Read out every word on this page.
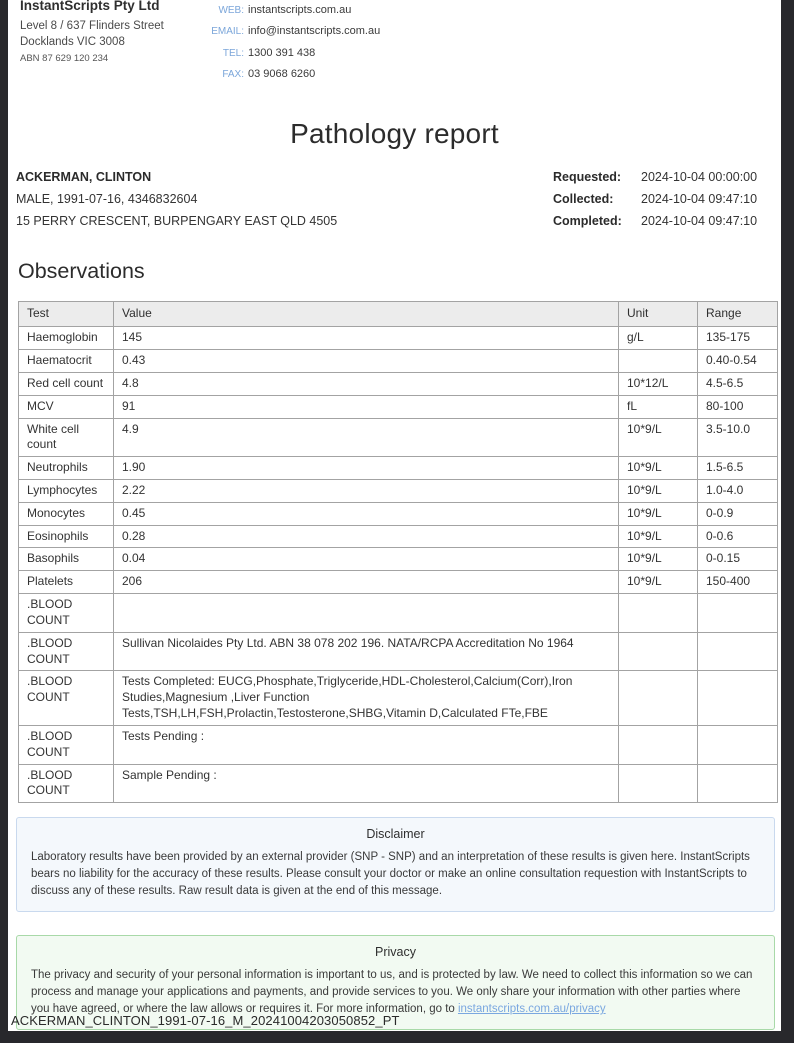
InstantScripts Pty Ltd
Level 8 / 637 Flinders Street
Docklands VIC 3008
ABN 87 629 120 234
WEB: instantscripts.com.au
EMAIL: info@instantscripts.com.au
TEL: 1300 391 438
FAX: 03 9068 6260
Pathology report
ACKERMAN, CLINTON
MALE, 1991-07-16, 4346832604
15 PERRY CRESCENT, BURPENGARY EAST QLD 4505
Requested:	2024-10-04 00:00:00
Collected:	2024-10-04 09:47:10
Completed:	2024-10-04 09:47:10
Observations
Test	Value	Unit	Range
Haemoglobin	145	g/L	135-175
Haematocrit	0.43		0.40-0.54
Red cell count	4.8	10*12/L	4.5-6.5
MCV	91	fL	80-100
White cell count	4.9	10*9/L	3.5-10.0
Neutrophils	1.90	10*9/L	1.5-6.5
Lymphocytes	2.22	10*9/L	1.0-4.0
Monocytes	0.45	10*9/L	0-0.9
Eosinophils	0.28	10*9/L	0-0.6
Basophils	0.04	10*9/L	0-0.15
Platelets	206	10*9/L	150-400
.BLOOD COUNT			
.BLOOD COUNT	Sullivan Nicolaides Pty Ltd. ABN 38 078 202 196. NATA/RCPA Accreditation No 1964		
.BLOOD COUNT	Tests Completed: EUCG,Phosphate,Triglyceride,HDL-Cholesterol,Calcium(Corr),Iron Studies,Magnesium ,Liver Function Tests,TSH,LH,FSH,Prolactin,Testosterone,SHBG,Vitamin D,Calculated FTe,FBE		
.BLOOD COUNT	Tests Pending :		
.BLOOD COUNT	Sample Pending :		
Disclaimer
Laboratory results have been provided by an external provider (SNP - SNP) and an interpretation of these results is given here. InstantScripts bears no liability for the accuracy of these results. Please consult your doctor or make an online consultation requestion with InstantScripts to discuss any of these results. Raw result data is given at the end of this message.
Privacy
The privacy and security of your personal information is important to us, and is protected by law. We need to collect this information so we can process and manage your applications and payments, and provide services to you. We only share your information with other parties where you have agreed, or where the law allows or requires it. For more information, go to instantscripts.com.au/privacy
ACKERMAN_CLINTON_1991-07-16_M_20241004203050852_PT
